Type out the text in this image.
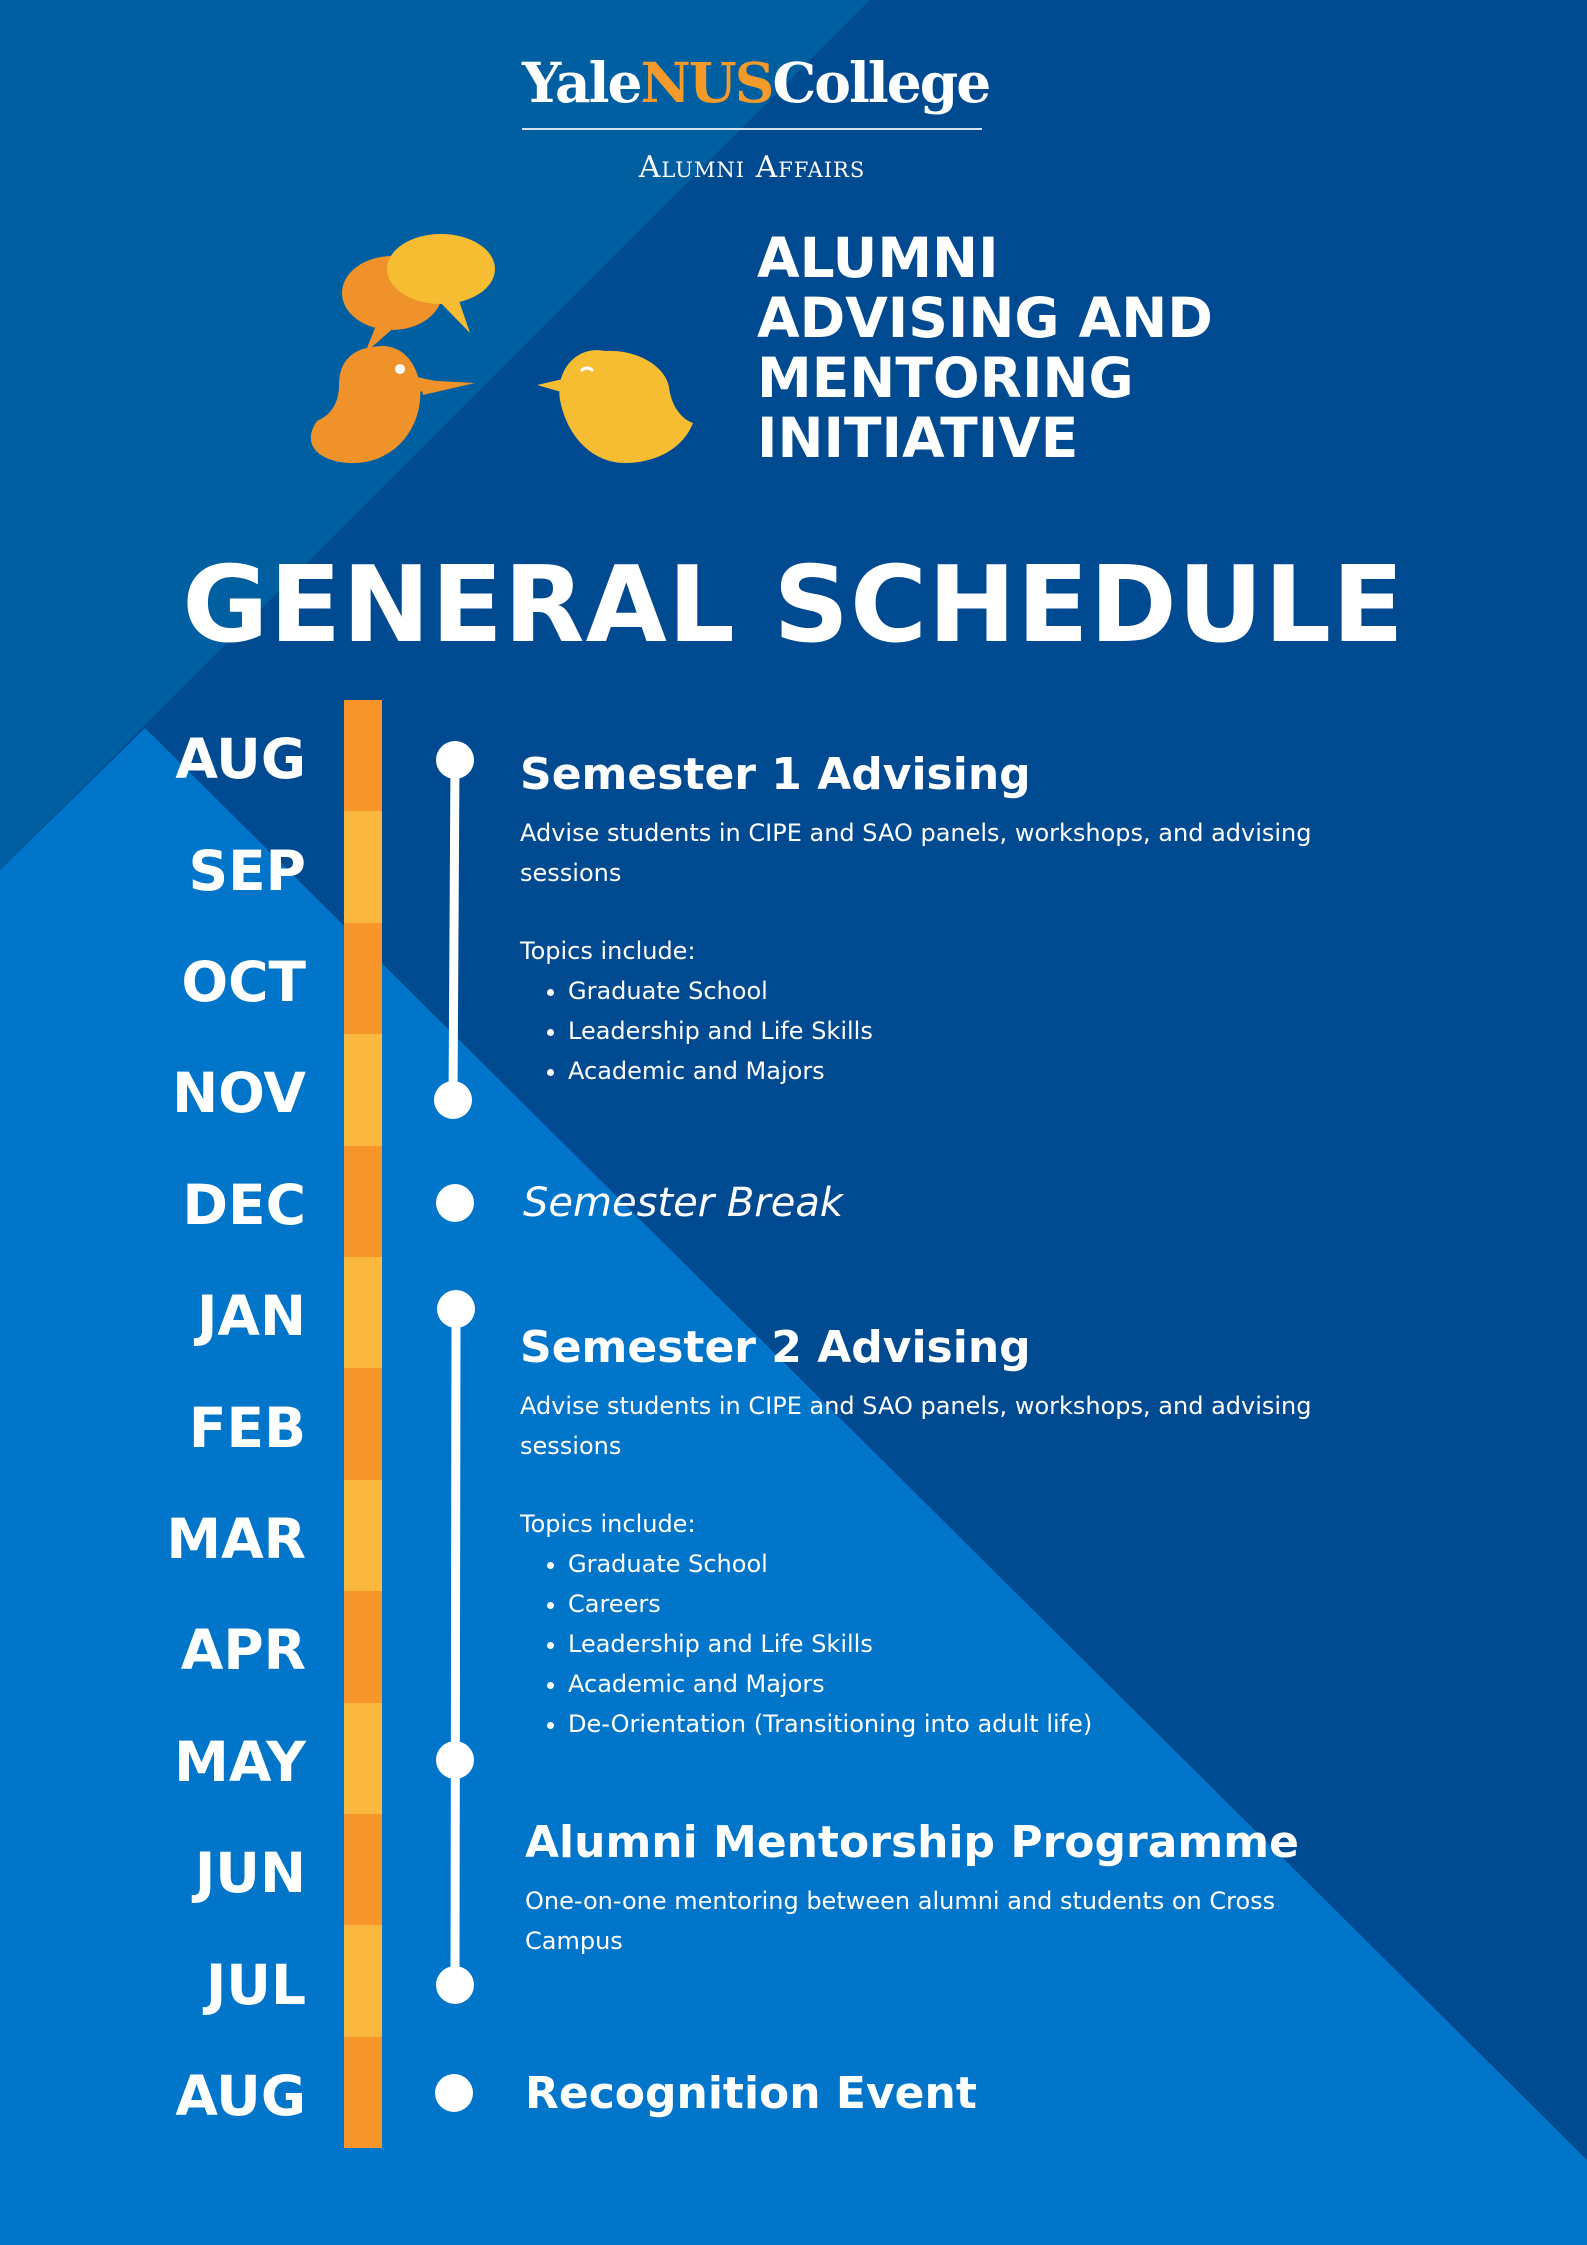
YaleNUSCollege
Alumni Affairs
ALUMNI
ADVISING AND
MENTORING
INITIATIVE
GENERAL SCHEDULE
AUG
SEP
OCT
NOV
DEC
JAN
FEB
MAR
APR
MAY
JUN
JUL
AUG
Semester 1 Advising
Advise students in CIPE and SAO panels, workshops, and advising sessions
Topics include:
• Graduate School
• Leadership and Life Skills
• Academic and Majors
Semester Break
Semester 2 Advising
Advise students in CIPE and SAO panels, workshops, and advising sessions
Topics include:
• Graduate School
• Careers
• Leadership and Life Skills
• Academic and Majors
• De-Orientation (Transitioning into adult life)
Alumni Mentorship Programme
One-on-one mentoring between alumni and students on Cross Campus
Recognition Event
